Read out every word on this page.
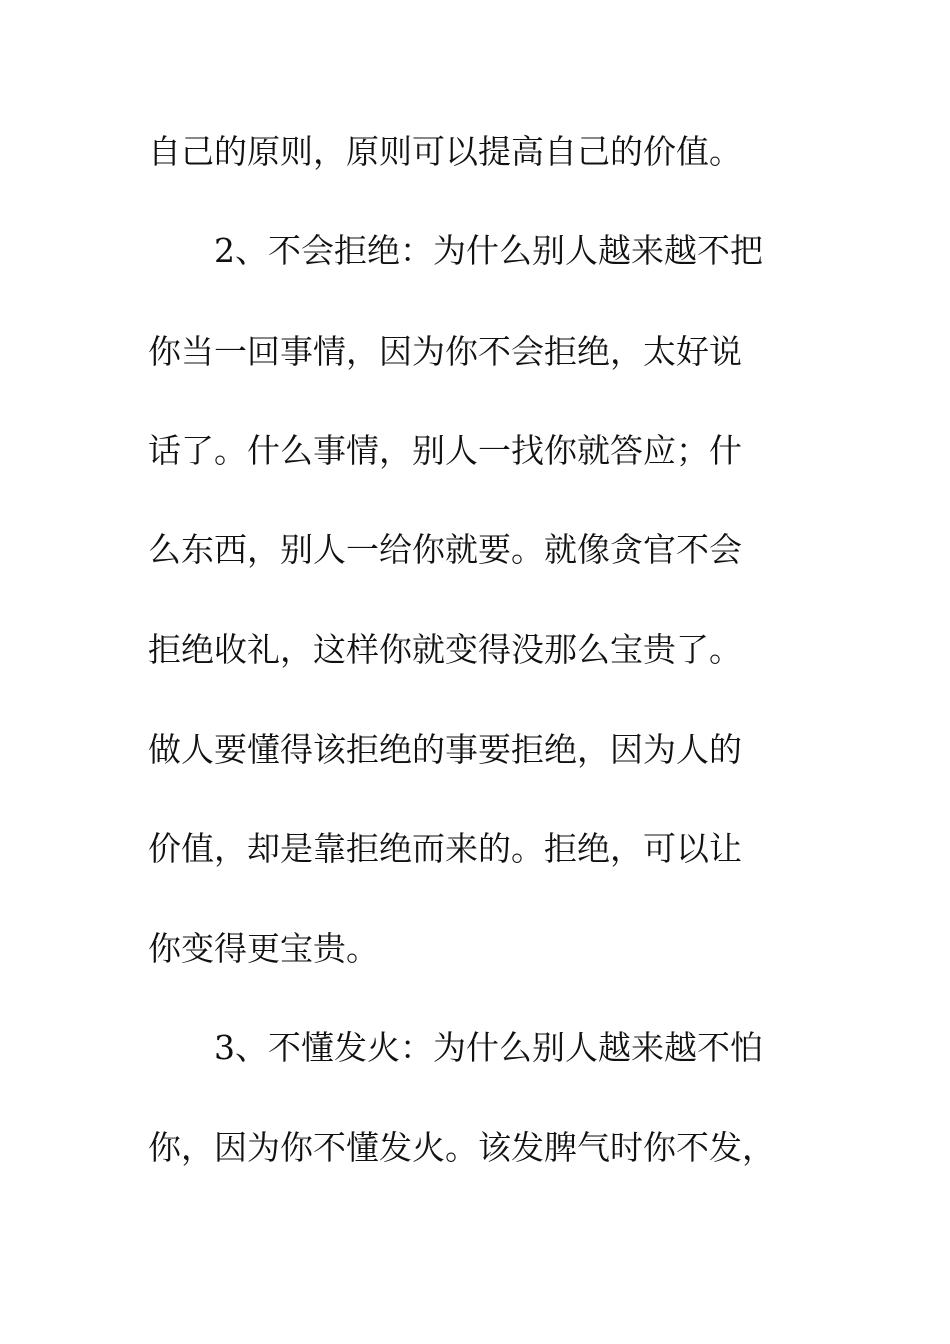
自己的原则，原则可以提高自己的价值。

2、不会拒绝：为什么别人越来越不把

你当一回事情，因为你不会拒绝，太好说

话了。什么事情，别人一找你就答应；什

么东西，别人一给你就要。就像贪官不会

拒绝收礼，这样你就变得没那么宝贵了。

做人要懂得该拒绝的事要拒绝，因为人的

价值，却是靠拒绝而来的。拒绝，可以让

你变得更宝贵。

3、不懂发火：为什么别人越来越不怕

你，因为你不懂发火。该发脾气时你不发，
